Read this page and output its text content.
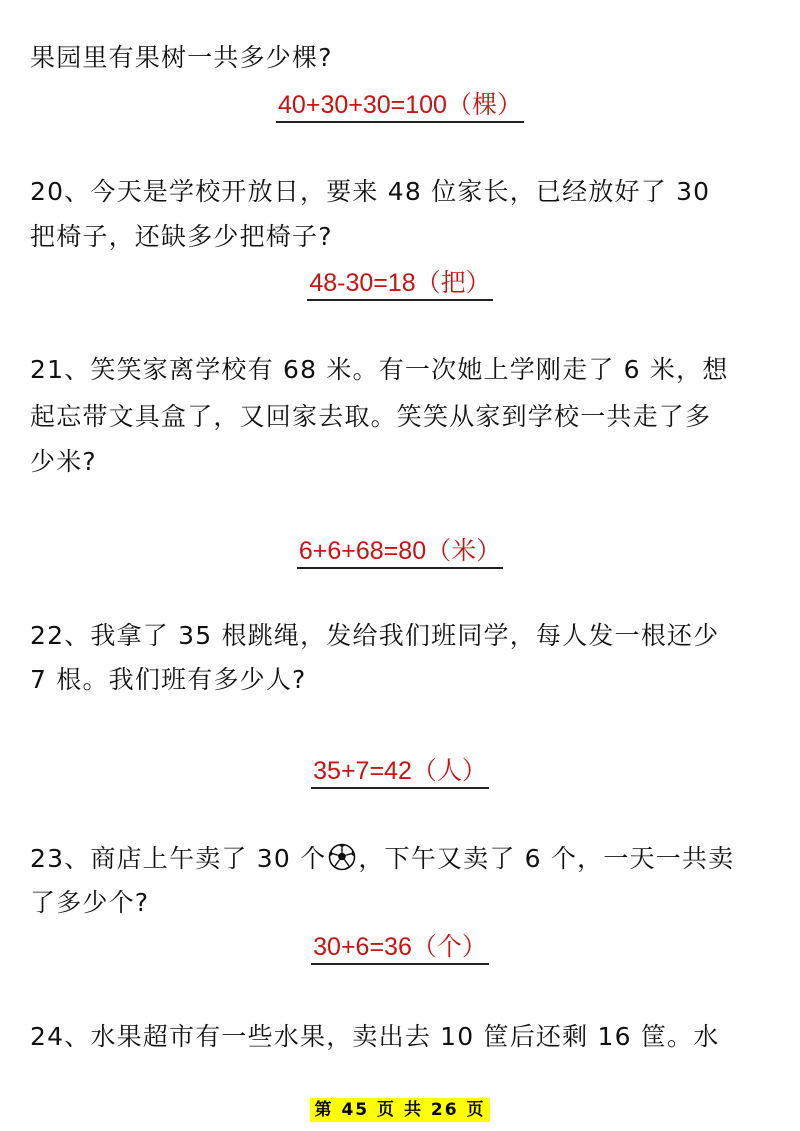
果园里有果树一共多少棵?
40+30+30=100（棵）
20、今天是学校开放日，要来 48 位家长，已经放好了 30
把椅子，还缺多少把椅子?
48-30=18（把）
21、笑笑家离学校有 68 米。有一次她上学刚走了 6 米，想
起忘带文具盒了，又回家去取。笑笑从家到学校一共走了多
少米?
6+6+68=80（米）
22、我拿了 35 根跳绳，发给我们班同学，每人发一根还少
7 根。我们班有多少人?
35+7=42（人）
23、商店上午卖了 30 个 ，下午又卖了 6 个，一天一共卖
了多少个?
30+6=36（个）
24、水果超市有一些水果，卖出去 10 筐后还剩 16 筐。水
第 45 页 共 26 页
